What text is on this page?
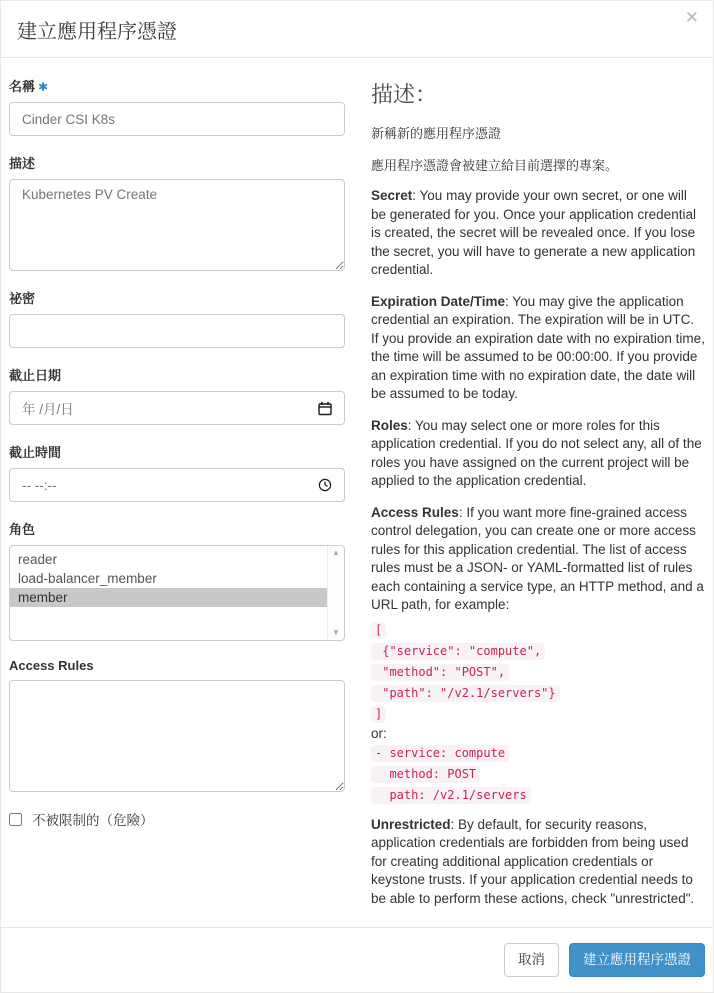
建立應用程序憑證
✕
名稱 ✱
Cinder CSI K8s
描述
Kubernetes PV Create
祕密
截止日期
年 /月/日
截止時間
-- --:--
角色
reader
load-balancer_member
member
▲
▼
Access Rules
不被限制的（危險）
描述：

新稱新的應用程序憑證

應用程序憑證會被建立給目前選擇的專案。

Secret: You may provide your own secret, or one will be generated for you. Once your application credential is created, the secret will be revealed once. If you lose the secret, you will have to generate a new application credential.

Expiration Date/Time: You may give the application credential an expiration. The expiration will be in UTC. If you provide an expiration date with no expiration time, the time will be assumed to be 00:00:00. If you provide an expiration time with no expiration date, the date will be assumed to be today.

Roles: You may select one or more roles for this application credential. If you do not select any, all of the roles you have assigned on the current project will be applied to the application credential.

Access Rules: If you want more fine-grained access control delegation, you can create one or more access rules for this application credential. The list of access rules must be a JSON- or YAML-formatted list of rules each containing a service type, an HTTP method, and a URL path, for example:

[
{"service": "compute",
"method": "POST",
"path": "/v2.1/servers"}
]
or:
- service: compute
method: POST
path: /v2.1/servers

Unrestricted: By default, for security reasons, application credentials are forbidden from being used for creating additional application credentials or keystone trusts. If your application credential needs to be able to perform these actions, check "unrestricted".

取消	建立應用程序憑證
